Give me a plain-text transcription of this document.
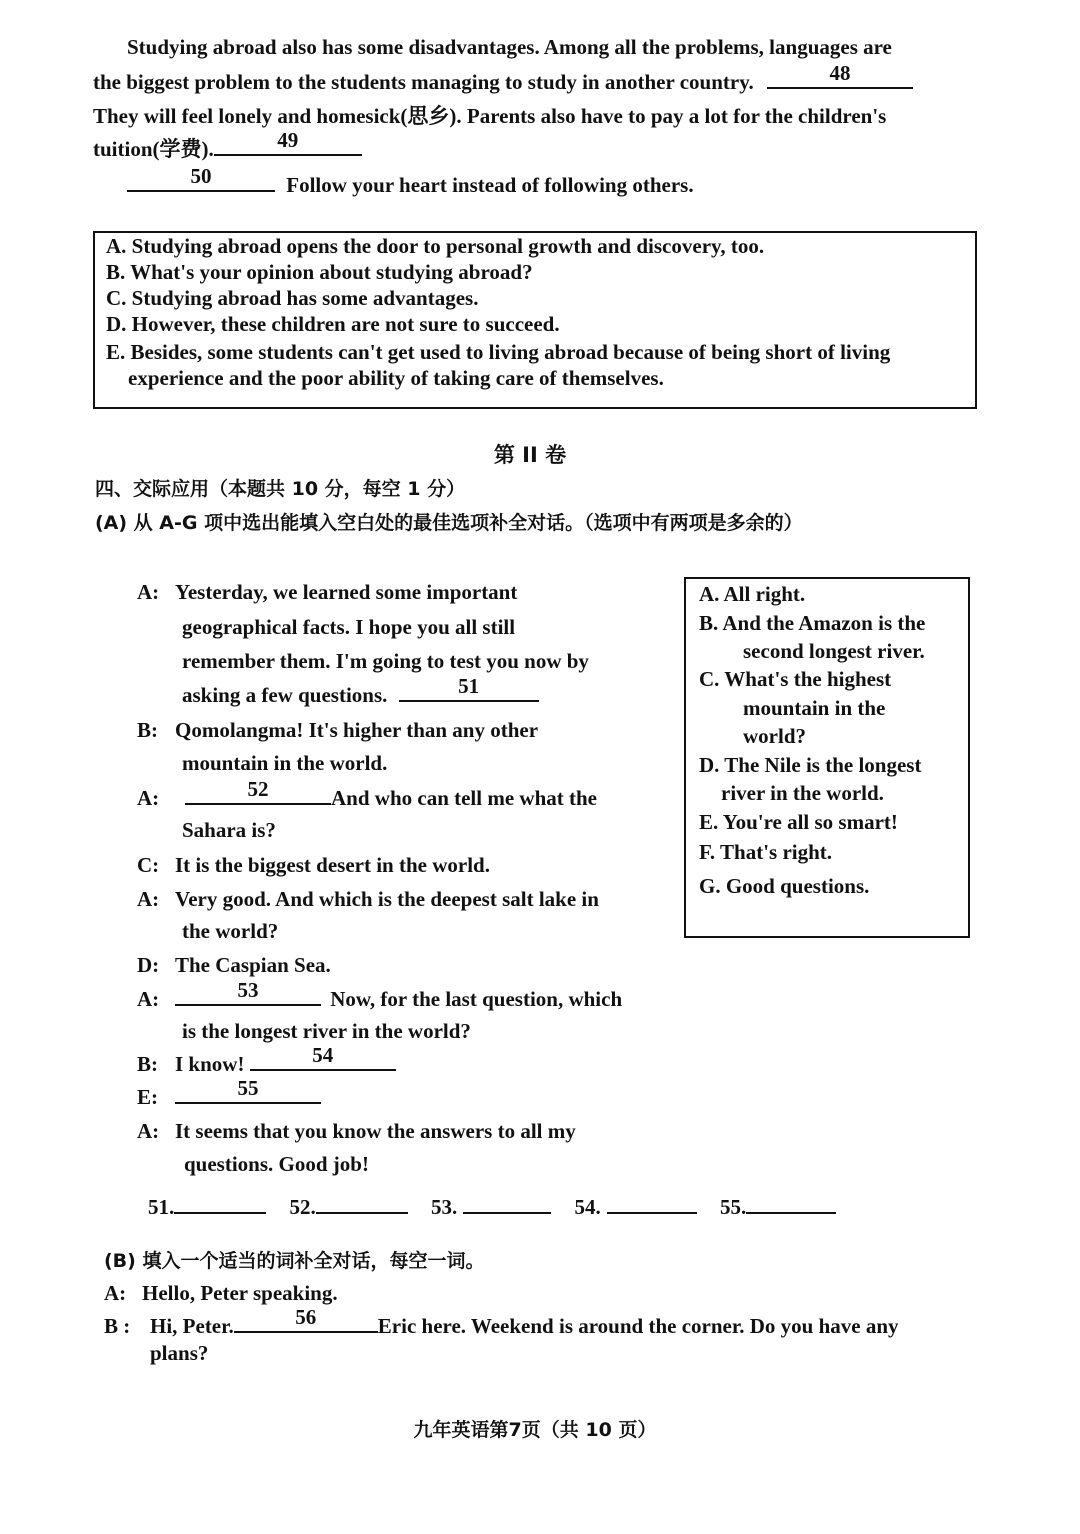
Studying abroad also has some disadvantages. Among all the problems, languages are
the biggest problem to the students managing to study in another country.	48
They will feel lonely and homesick(思乡). Parents also have to pay a lot for the children's
tuition(学费).	49
50	Follow your heart instead of following others.
A. Studying abroad opens the door to personal growth and discovery, too.
B. What's your opinion about studying abroad?
C. Studying abroad has some advantages.
D. However, these children are not sure to succeed.
E. Besides, some students can't get used to living abroad because of being short of living
experience and the poor ability of taking care of themselves.
第 II 卷
四、交际应用（本题共 10 分，每空 1 分）
(A) 从 A-G 项中选出能填入空白处的最佳选项补全对话。（选项中有两项是多余的）
A: Yesterday, we learned some important
geographical facts. I hope you all still
remember them. I'm going to test you now by
asking a few questions.	51
B: Qomolangma! It's higher than any other
mountain in the world.
A:	52	And who can tell me what the
Sahara is?
C: It is the biggest desert in the world.
A: Very good. And which is the deepest salt lake in
the world?
D: The Caspian Sea.
A:	53	Now, for the last question, which
is the longest river in the world?
B: I know!	54
E:	55
A: It seems that you know the answers to all my
questions. Good job!
A. All right.
B. And the Amazon is the
second longest river.
C. What's the highest
mountain in the
world?
D. The Nile is the longest
river in the world.
E. You're all so smart!
F. That's right.
G. Good questions.
51.	52.	53.	54.	55.
(B) 填入一个适当的词补全对话，每空一词。
A: Hello, Peter speaking.
B : Hi, Peter.	56	Eric here. Weekend is around the corner. Do you have any
plans?
九年英语第7页（共 10 页）
